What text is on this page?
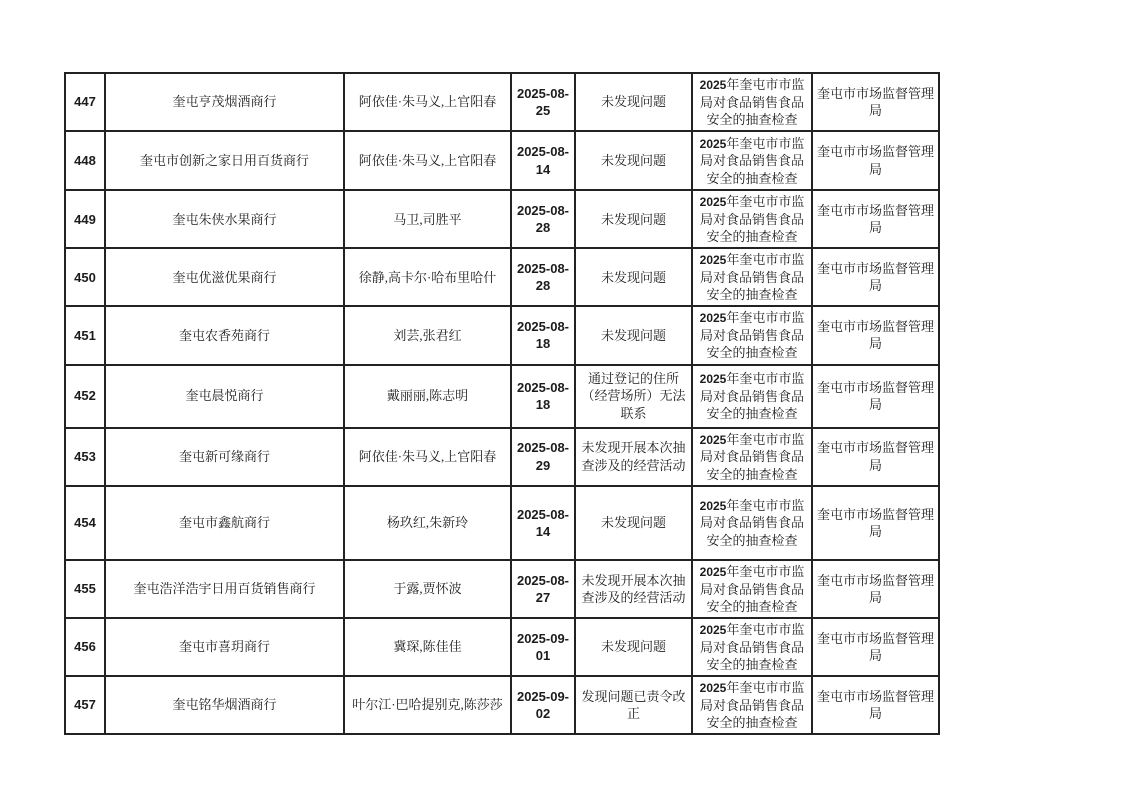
447	奎屯亨茂烟酒商行	阿依佳·朱马义,上官阳春	2025-08-25	未发现问题	2025年奎屯市市监局对食品销售食品安全的抽查检查	奎屯市市场监督管理局
448	奎屯市创新之家日用百货商行	阿依佳·朱马义,上官阳春	2025-08-14	未发现问题	2025年奎屯市市监局对食品销售食品安全的抽查检查	奎屯市市场监督管理局
449	奎屯朱侠水果商行	马卫,司胜平	2025-08-28	未发现问题	2025年奎屯市市监局对食品销售食品安全的抽查检查	奎屯市市场监督管理局
450	奎屯优滋优果商行	徐静,高卡尔·哈布里哈什	2025-08-28	未发现问题	2025年奎屯市市监局对食品销售食品安全的抽查检查	奎屯市市场监督管理局
451	奎屯农香苑商行	刘芸,张君红	2025-08-18	未发现问题	2025年奎屯市市监局对食品销售食品安全的抽查检查	奎屯市市场监督管理局
452	奎屯晨悦商行	戴丽丽,陈志明	2025-08-18	通过登记的住所（经营场所）无法联系	2025年奎屯市市监局对食品销售食品安全的抽查检查	奎屯市市场监督管理局
453	奎屯新可缘商行	阿依佳·朱马义,上官阳春	2025-08-29	未发现开展本次抽查涉及的经营活动	2025年奎屯市市监局对食品销售食品安全的抽查检查	奎屯市市场监督管理局
454	奎屯市鑫航商行	杨玖红,朱新玲	2025-08-14	未发现问题	2025年奎屯市市监局对食品销售食品安全的抽查检查	奎屯市市场监督管理局
455	奎屯浩洋浩宇日用百货销售商行	于露,贾怀波	2025-08-27	未发现开展本次抽查涉及的经营活动	2025年奎屯市市监局对食品销售食品安全的抽查检查	奎屯市市场监督管理局
456	奎屯市喜玥商行	冀琛,陈佳佳	2025-09-01	未发现问题	2025年奎屯市市监局对食品销售食品安全的抽查检查	奎屯市市场监督管理局
457	奎屯铭华烟酒商行	叶尔江·巴哈提别克,陈莎莎	2025-09-02	发现问题已责令改正	2025年奎屯市市监局对食品销售食品安全的抽查检查	奎屯市市场监督管理局
